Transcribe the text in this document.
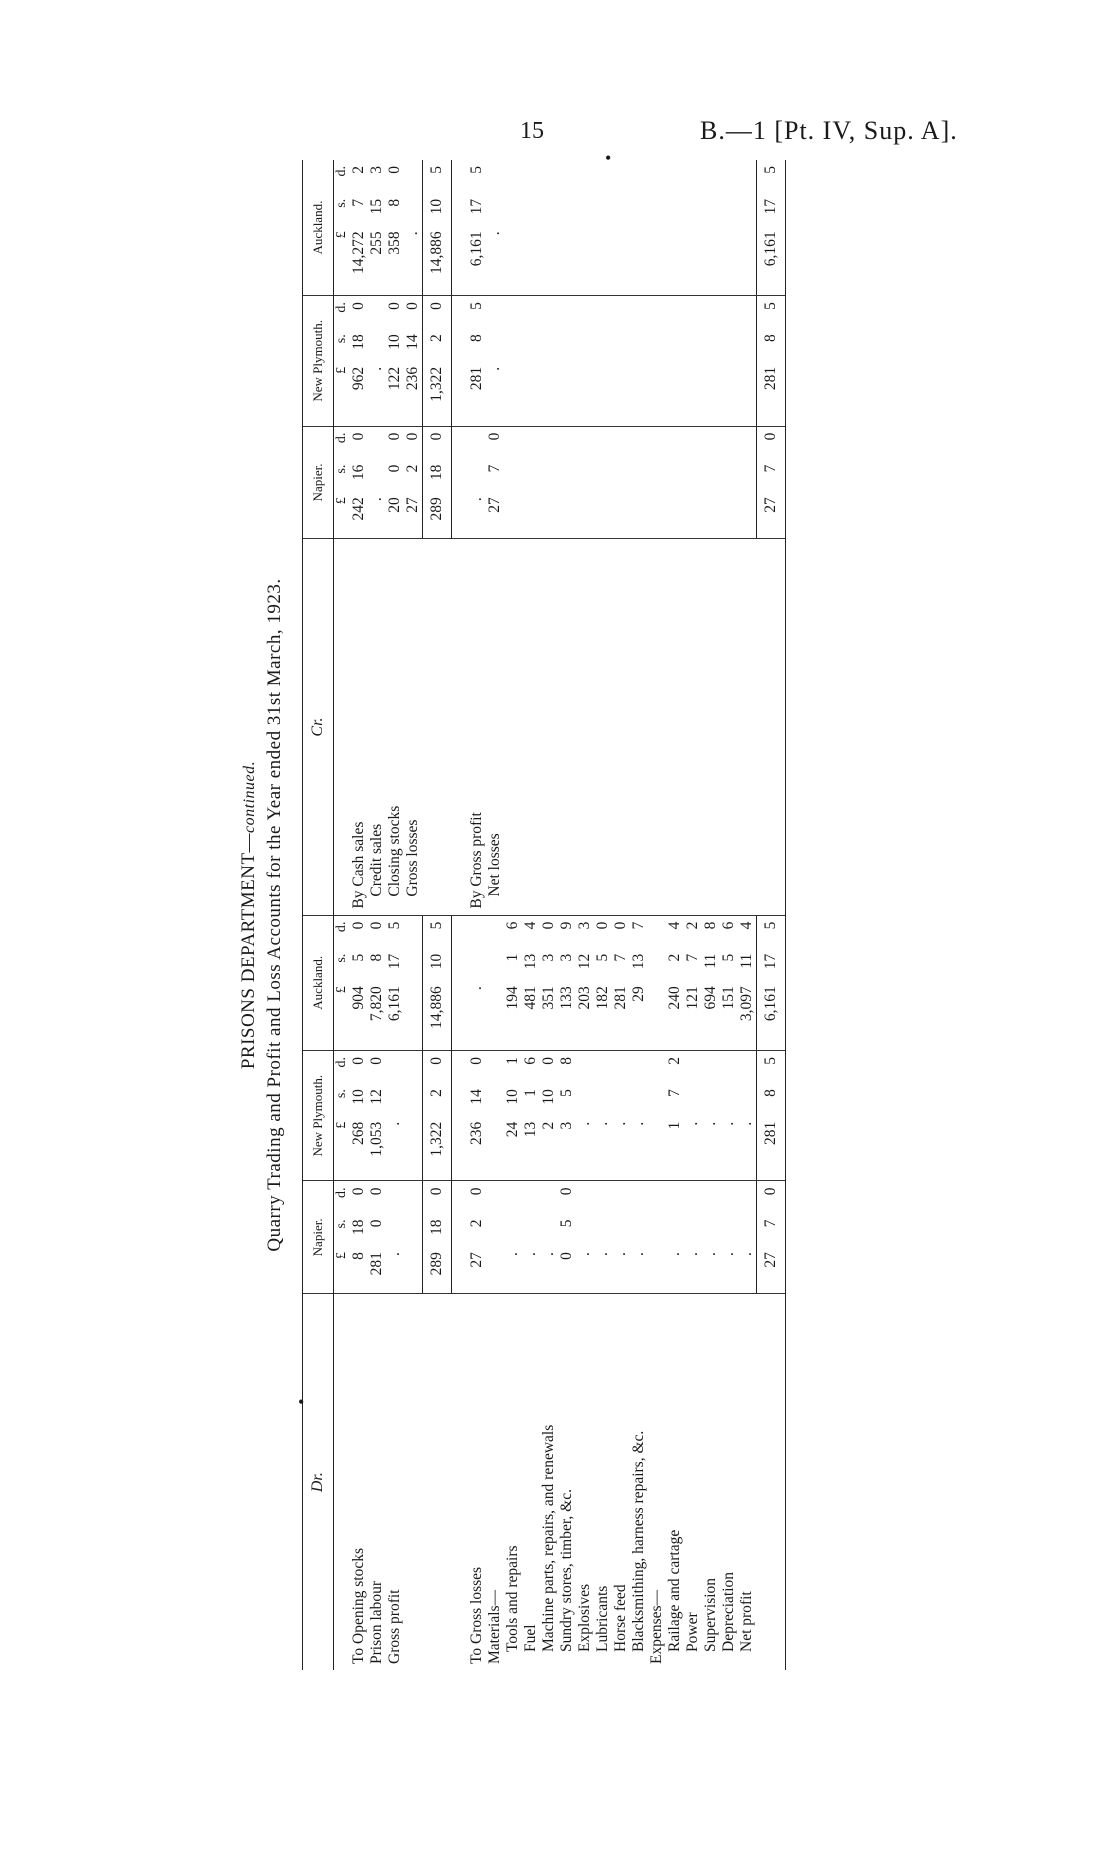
15	B.—1 [Pt. IV, Sup. A].
•
•
PRISONS DEPARTMENT—continued. Quarry Trading and Profit and Loss Accounts for the Year ended 31st March, 1923.
Dr.	Napier.			New Plymouth.			Auckland.			Cr.	Napier.			New Plymouth.			Auckland.		
	£	s.	d.	£	s.	d.	£	s.	d.		£	s.	d.	£	s.	d.	£	s.	d.
To Opening stocks	8	18	0	268	10	0	904	5	0	By Cash sales	242	16	0	962	18	0	14,272	7	2
Prison labour	281	0	0	1,053	12	0	7,820	8	0	Credit sales	.			.			255	15	3
Gross profit	.			.			6,161	17	5	Closing stocks	20	0	0	122	10	0	358	8	0
										Gross losses	27	2	0	236	14	0	.		
	289	18	0	1,322	2	0	14,886	10	5		289	18	0	1,322	2	0	14,886	10	5

To Gross losses	27	2	0	236	14	0	.			By Gross profit	.			281	8	5	6,161	17	5
Materials—										Net losses	27	7	0	.			.		
Tools and repairs	.			24	10	1	194	1	6										
Fuel	.			13	1	6	481	13	4										
Machine parts, repairs, and renewals	.			2	10	0	351	3	0										
Sundry stores, timber, &c.	0	5	0	3	5	8	133	3	9										
Explosives	.			.			203	12	3										
Lubricants	.			.			182	5	0										
Horse feed	.			.			281	7	0										
Blacksmithing, harness repairs, &c.	.			.			29	13	7										
Expenses—																			
Railage and cartage	.			1	7	2	240	2	4										
Power	.			.			121	7	2										
Supervision	.			.			694	11	8										
Depreciation	.			.			151	5	6										
Net profit	.			.			3,097	11	4										
	27	7	0	281	8	5	6,161	17	5		27	7	0	281	8	5	6,161	17	5
